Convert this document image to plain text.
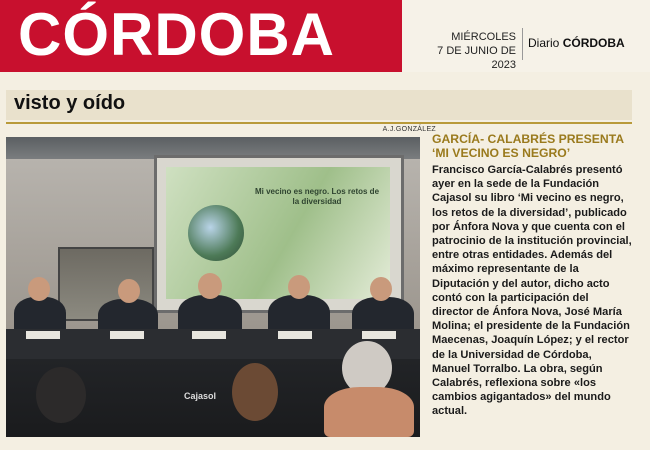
CÓRDOBA	MIÉRCOLES
7 DE JUNIO DE 2023
Diario CÓRDOBA
visto y oído
A.J.GONZÁLEZ
Mi vecino es negro. Los retos de la diversidad
Cajasol

GARCÍA- CALABRÉS PRESENTA ‘MI VECINO ES NEGRO’

Francisco García-Calabrés presentó ayer en la sede de la Fundación Cajasol su libro ‘Mi vecino es negro, los retos de la diversidad’, publicado por Ánfora Nova y que cuenta con el patrocinio de la institución provincial, entre otras entidades. Además del máximo representante de la Diputación y del autor, dicho acto contó con la participación del director de Ánfora Nova, José María Molina; el presidente de la Fundación Maecenas, Joaquín López; y el rector de la Universidad de Córdoba, Manuel Torralbo. La obra, según Calabrés, reflexiona sobre «los cambios agigantados» del mundo actual.
